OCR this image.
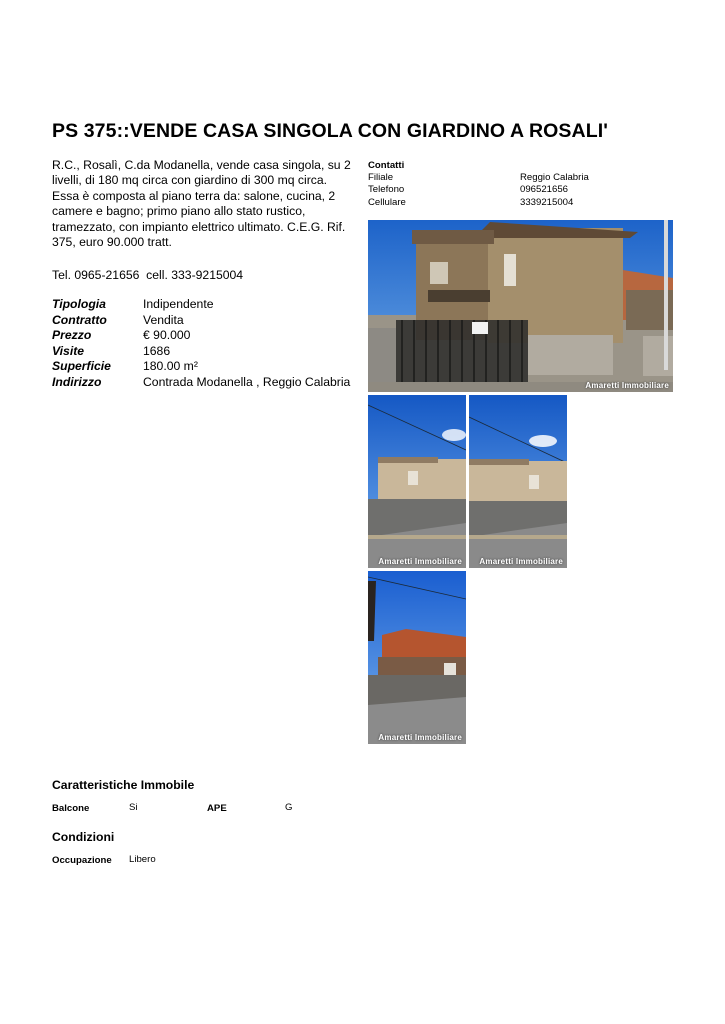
PS 375::VENDE CASA SINGOLA CON GIARDINO A ROSALI'
R.C., Rosalì, C.da Modanella, vende casa singola, su 2
livelli, di 180 mq circa con giardino di 300 mq circa.
Essa è composta al piano terra da: salone, cucina, 2
camere e bagno; primo piano allo stato rustico,
tramezzato, con impianto elettrico ultimato. C.E.G. Rif.
375, euro 90.000 tratt.
Tel. 0965-21656  cell. 333-9215004
Tipologia	Indipendente
Contratto	Vendita
Prezzo	€ 90.000
Visite	1686
Superficie	180.00 m²
Indirizzo	Contrada Modanella , Reggio Calabria
Contatti
Filiale	Reggio Calabria
Telefono	096521656
Cellulare	3339215004
Amaretti Immobiliare
Amaretti Immobiliare Amaretti Immobiliare
Amaretti Immobiliare
Caratteristiche Immobile
Balcone	Si	APE	G
Condizioni
Occupazione Libero
